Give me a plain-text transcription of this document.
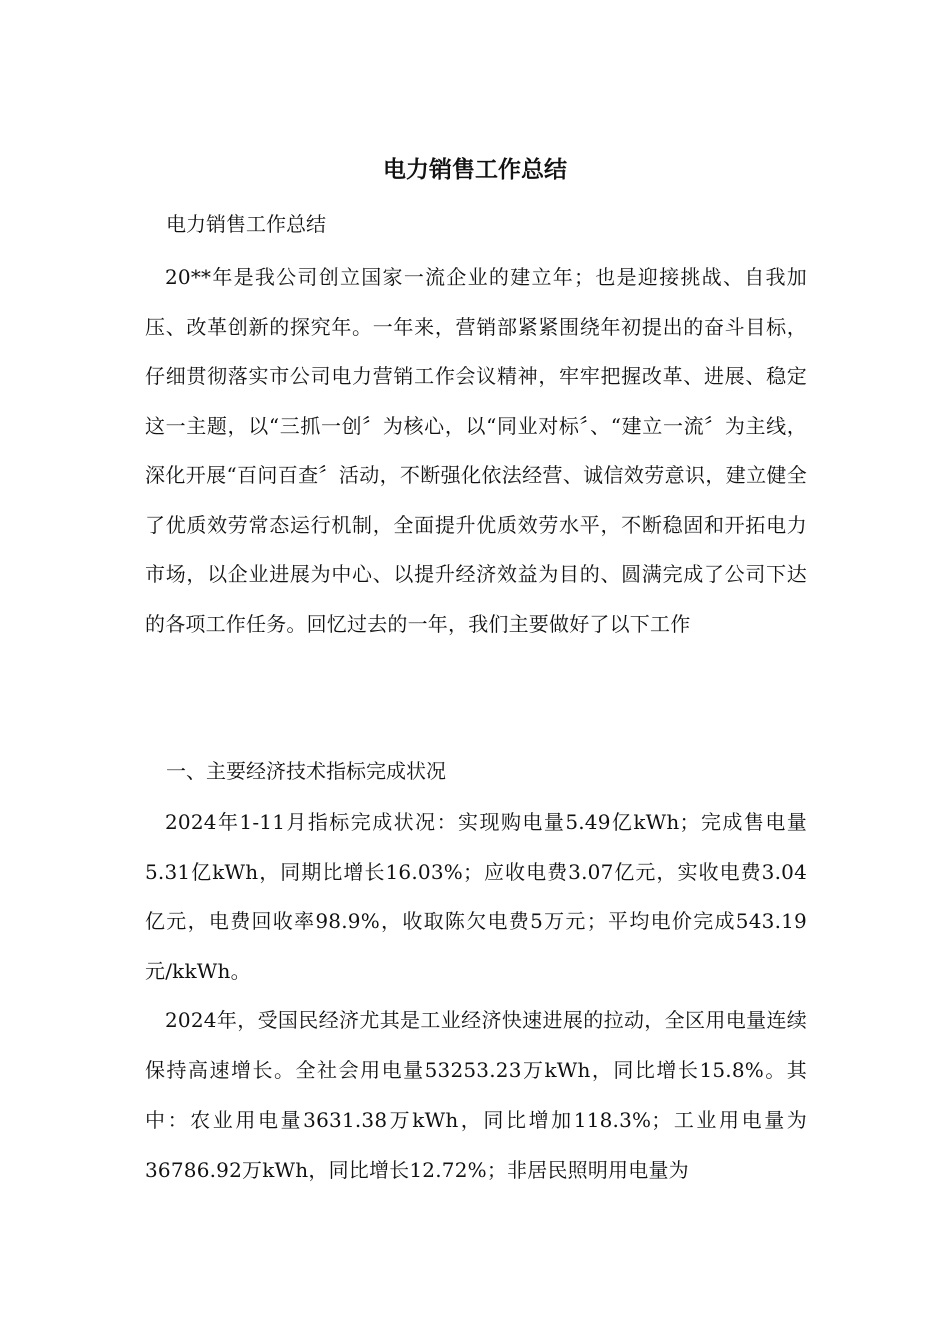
电力销售工作总结

电力销售工作总结

20**年是我公司创立国家一流企业的建立年；也是迎接挑战、自我加压、改革创新的探究年。一年来，营销部紧紧围绕年初提出的奋斗目标，仔细贯彻落实市公司电力营销工作会议精神，牢牢把握改革、进展、稳定这一主题，以“三抓一创〞为核心，以“同业对标〞、“建立一流〞为主线，深化开展“百问百查〞活动，不断强化依法经营、诚信效劳意识，建立健全了优质效劳常态运行机制，全面提升优质效劳水平，不断稳固和开拓电力市场，以企业进展为中心、以提升经济效益为目的、圆满完成了公司下达的各项工作任务。回忆过去的一年，我们主要做好了以下工作

一、主要经济技术指标完成状况

2024年1-11月指标完成状况：实现购电量5.49亿kWh；完成售电量5.31亿kWh，同期比增长16.03%；应收电费3.07亿元，实收电费3.04亿元，电费回收率98.9%，收取陈欠电费5万元；平均电价完成543.19元/kkWh。

2024年，受国民经济尤其是工业经济快速进展的拉动，全区用电量连续保持高速增长。全社会用电量53253.23万kWh，同比增长15.8%。其中：农业用电量3631.38万kWh，同比增加118.3%；工业用电量为36786.92万kWh，同比增长12.72%；非居民照明用电量为
